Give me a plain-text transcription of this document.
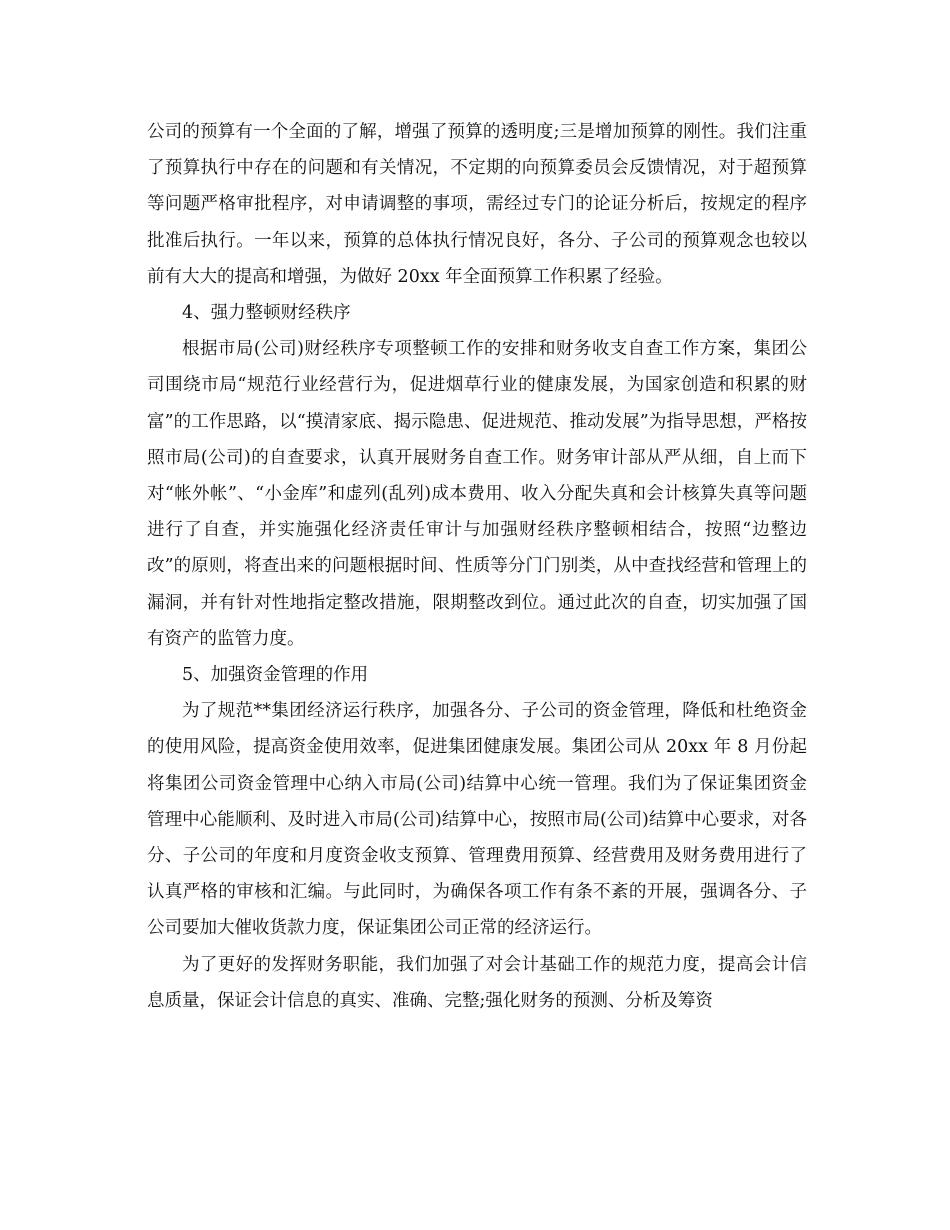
公司的预算有一个全面的了解，增强了预算的透明度;三是增加预算的刚性。我们注重了预算执行中存在的问题和有关情况，不定期的向预算委员会反馈情况，对于超预算等问题严格审批程序，对申请调整的事项，需经过专门的论证分析后，按规定的程序批准后执行。一年以来，预算的总体执行情况良好，各分、子公司的预算观念也较以前有大大的提高和增强，为做好 20xx 年全面预算工作积累了经验。

4、强力整顿财经秩序

根据市局(公司)财经秩序专项整顿工作的安排和财务收支自查工作方案，集团公司围绕市局“规范行业经营行为，促进烟草行业的健康发展，为国家创造和积累的财富”的工作思路，以“摸清家底、揭示隐患、促进规范、推动发展”为指导思想，严格按照市局(公司)的自查要求，认真开展财务自查工作。财务审计部从严从细，自上而下对“帐外帐”、“小金库”和虚列(乱列)成本费用、收入分配失真和会计核算失真等问题进行了自查，并实施强化经济责任审计与加强财经秩序整顿相结合，按照“边整边改”的原则，将查出来的问题根据时间、性质等分门门别类，从中查找经营和管理上的漏洞，并有针对性地指定整改措施，限期整改到位。通过此次的自查，切实加强了国有资产的监管力度。

5、加强资金管理的作用

为了规范**集团经济运行秩序，加强各分、子公司的资金管理，降低和杜绝资金的使用风险，提高资金使用效率，促进集团健康发展。集团公司从 20xx 年 8 月份起将集团公司资金管理中心纳入市局(公司)结算中心统一管理。我们为了保证集团资金管理中心能顺利、及时进入市局(公司)结算中心，按照市局(公司)结算中心要求，对各分、子公司的年度和月度资金收支预算、管理费用预算、经营费用及财务费用进行了认真严格的审核和汇编。与此同时，为确保各项工作有条不紊的开展，强调各分、子公司要加大催收货款力度，保证集团公司正常的经济运行。

为了更好的发挥财务职能，我们加强了对会计基础工作的规范力度，提高会计信息质量，保证会计信息的真实、准确、完整;强化财务的预测、分析及筹资
